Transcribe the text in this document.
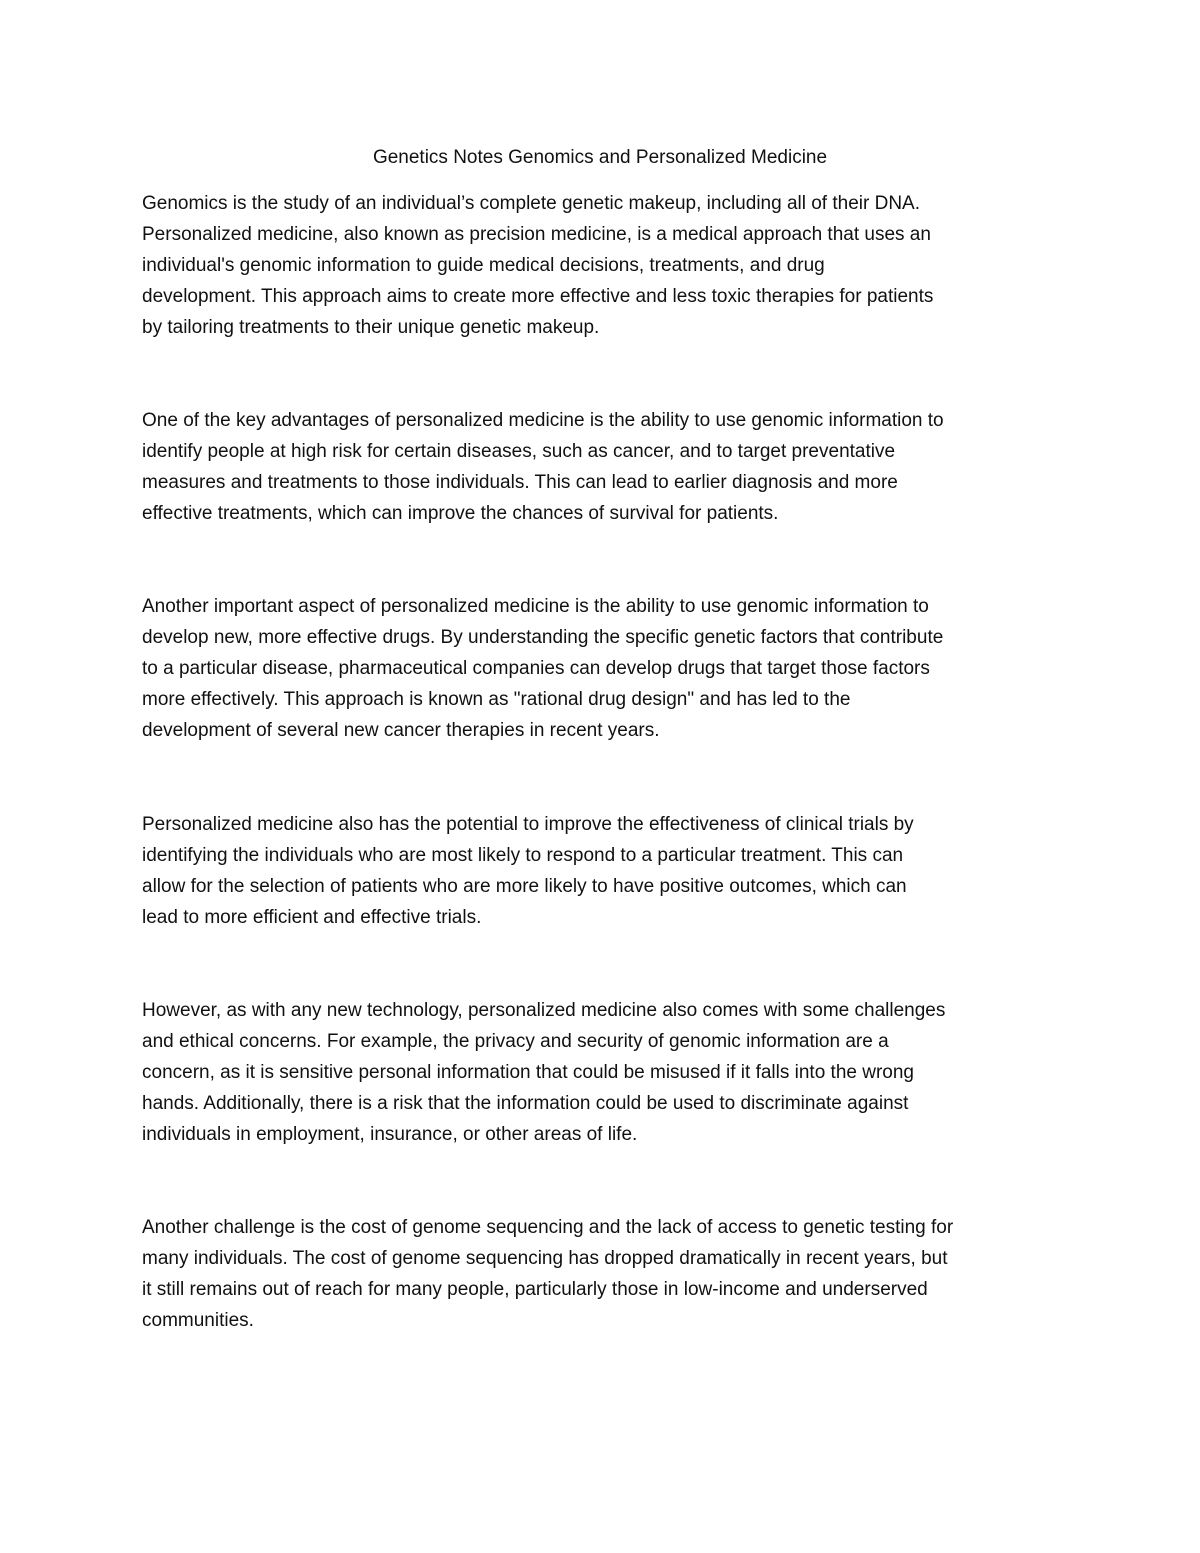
Genetics Notes Genomics and Personalized Medicine
Genomics is the study of an individual’s complete genetic makeup, including all of their DNA.
Personalized medicine, also known as precision medicine, is a medical approach that uses an
individual's genomic information to guide medical decisions, treatments, and drug
development. This approach aims to create more effective and less toxic therapies for patients
by tailoring treatments to their unique genetic makeup.
One of the key advantages of personalized medicine is the ability to use genomic information to
identify people at high risk for certain diseases, such as cancer, and to target preventative
measures and treatments to those individuals. This can lead to earlier diagnosis and more
effective treatments, which can improve the chances of survival for patients.
Another important aspect of personalized medicine is the ability to use genomic information to
develop new, more effective drugs. By understanding the specific genetic factors that contribute
to a particular disease, pharmaceutical companies can develop drugs that target those factors
more effectively. This approach is known as "rational drug design" and has led to the
development of several new cancer therapies in recent years.
Personalized medicine also has the potential to improve the effectiveness of clinical trials by
identifying the individuals who are most likely to respond to a particular treatment. This can
allow for the selection of patients who are more likely to have positive outcomes, which can
lead to more efficient and effective trials.
However, as with any new technology, personalized medicine also comes with some challenges
and ethical concerns. For example, the privacy and security of genomic information are a
concern, as it is sensitive personal information that could be misused if it falls into the wrong
hands. Additionally, there is a risk that the information could be used to discriminate against
individuals in employment, insurance, or other areas of life.
Another challenge is the cost of genome sequencing and the lack of access to genetic testing for
many individuals. The cost of genome sequencing has dropped dramatically in recent years, but
it still remains out of reach for many people, particularly those in low-income and underserved
communities.
